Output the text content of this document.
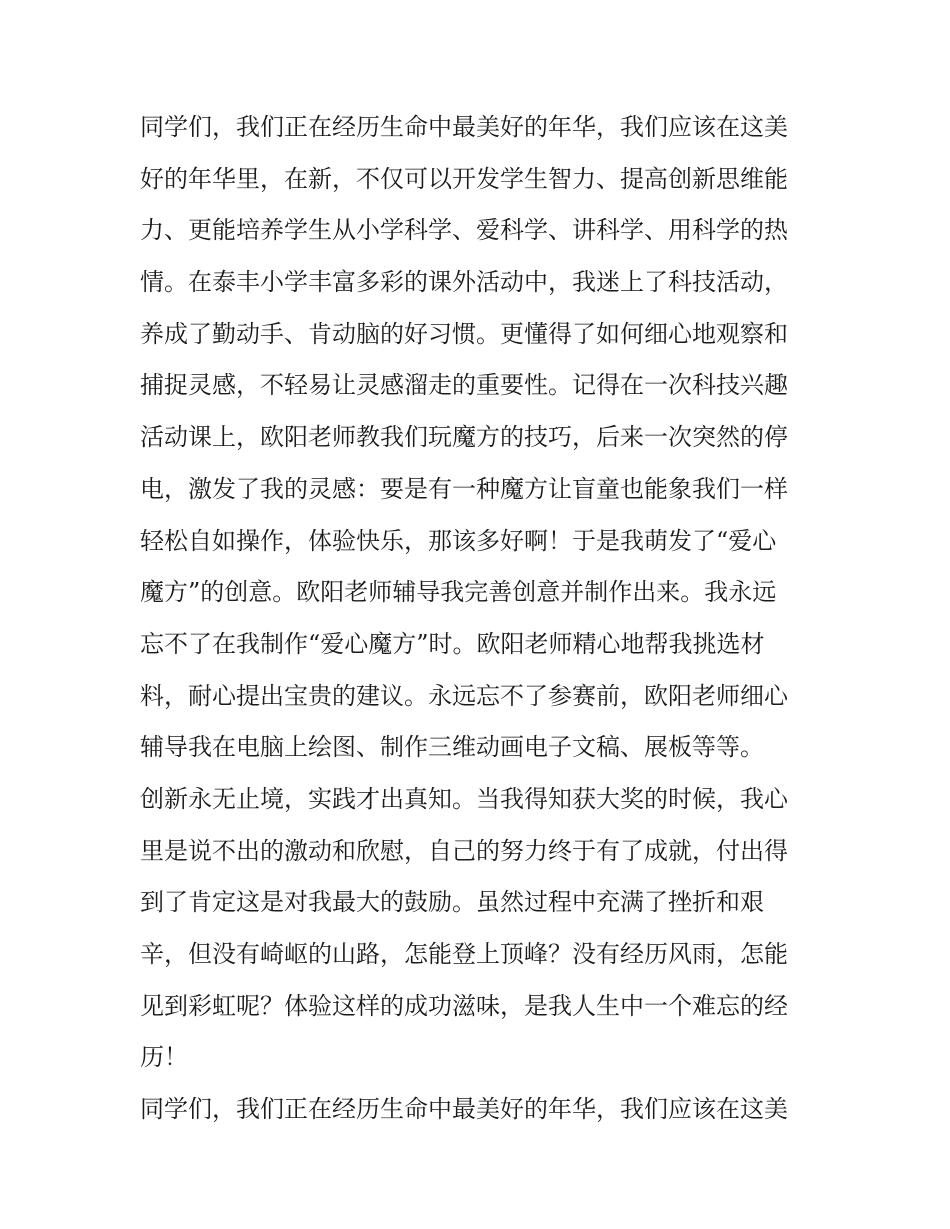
同学们，我们正在经历生命中最美好的年华，我们应该在这美
好的年华里，在新，不仅可以开发学生智力、提高创新思维能
力、更能培养学生从小学科学、爱科学、讲科学、用科学的热
情。在泰丰小学丰富多彩的课外活动中，我迷上了科技活动，
养成了勤动手、肯动脑的好习惯。更懂得了如何细心地观察和
捕捉灵感，不轻易让灵感溜走的重要性。记得在一次科技兴趣
活动课上，欧阳老师教我们玩魔方的技巧，后来一次突然的停
电，激发了我的灵感：要是有一种魔方让盲童也能象我们一样
轻松自如操作，体验快乐，那该多好啊！于是我萌发了“爱心
魔方”的创意。欧阳老师辅导我完善创意并制作出来。我永远
忘不了在我制作“爱心魔方”时。欧阳老师精心地帮我挑选材
料，耐心提出宝贵的建议。永远忘不了参赛前，欧阳老师细心
辅导我在电脑上绘图、制作三维动画电子文稿、展板等等。
创新永无止境，实践才出真知。当我得知获大奖的时候，我心
里是说不出的激动和欣慰，自己的努力终于有了成就，付出得
到了肯定这是对我最大的鼓励。虽然过程中充满了挫折和艰
辛，但没有崎岖的山路，怎能登上顶峰？没有经历风雨，怎能
见到彩虹呢？体验这样的成功滋味，是我人生中一个难忘的经
历！
同学们，我们正在经历生命中最美好的年华，我们应该在这美
